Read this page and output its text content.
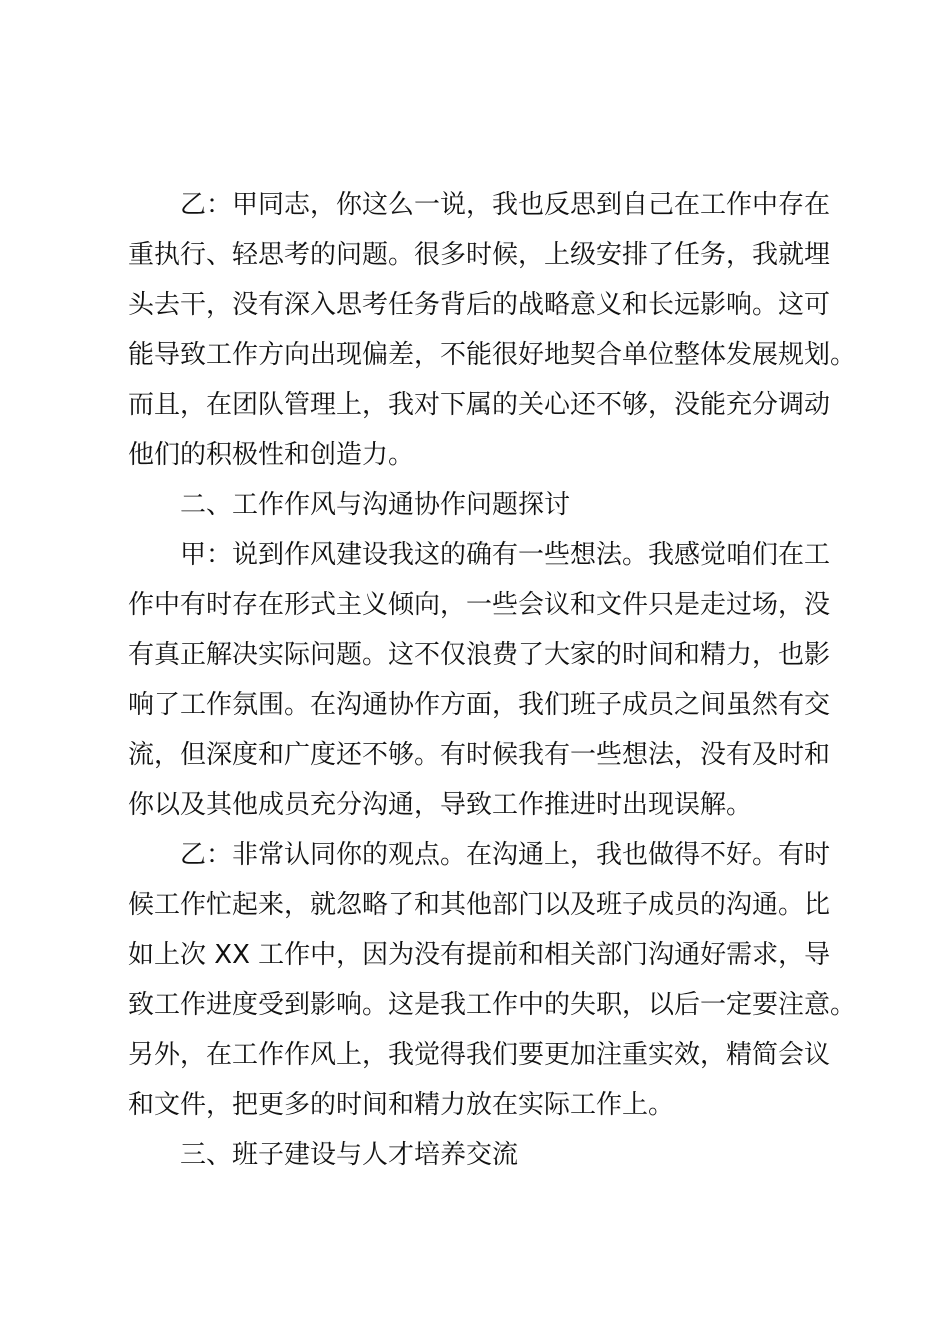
乙：甲同志，你这么一说，我也反思到自己在工作中存在
重执行、轻思考的问题。很多时候，上级安排了任务，我就埋
头去干，没有深入思考任务背后的战略意义和长远影响。这可
能导致工作方向出现偏差，不能很好地契合单位整体发展规划。
而且，在团队管理上，我对下属的关心还不够，没能充分调动
他们的积极性和创造力。
二、工作作风与沟通协作问题探讨
甲：说到作风建设我这的确有一些想法。我感觉咱们在工
作中有时存在形式主义倾向，一些会议和文件只是走过场，没
有真正解决实际问题。这不仅浪费了大家的时间和精力，也影
响了工作氛围。在沟通协作方面，我们班子成员之间虽然有交
流，但深度和广度还不够。有时候我有一些想法，没有及时和
你以及其他成员充分沟通，导致工作推进时出现误解。
乙：非常认同你的观点。在沟通上，我也做得不好。有时
候工作忙起来，就忽略了和其他部门以及班子成员的沟通。比
如上次 XX 工作中，因为没有提前和相关部门沟通好需求，导
致工作进度受到影响。这是我工作中的失职，以后一定要注意。
另外，在工作作风上，我觉得我们要更加注重实效，精简会议
和文件，把更多的时间和精力放在实际工作上。
三、班子建设与人才培养交流
